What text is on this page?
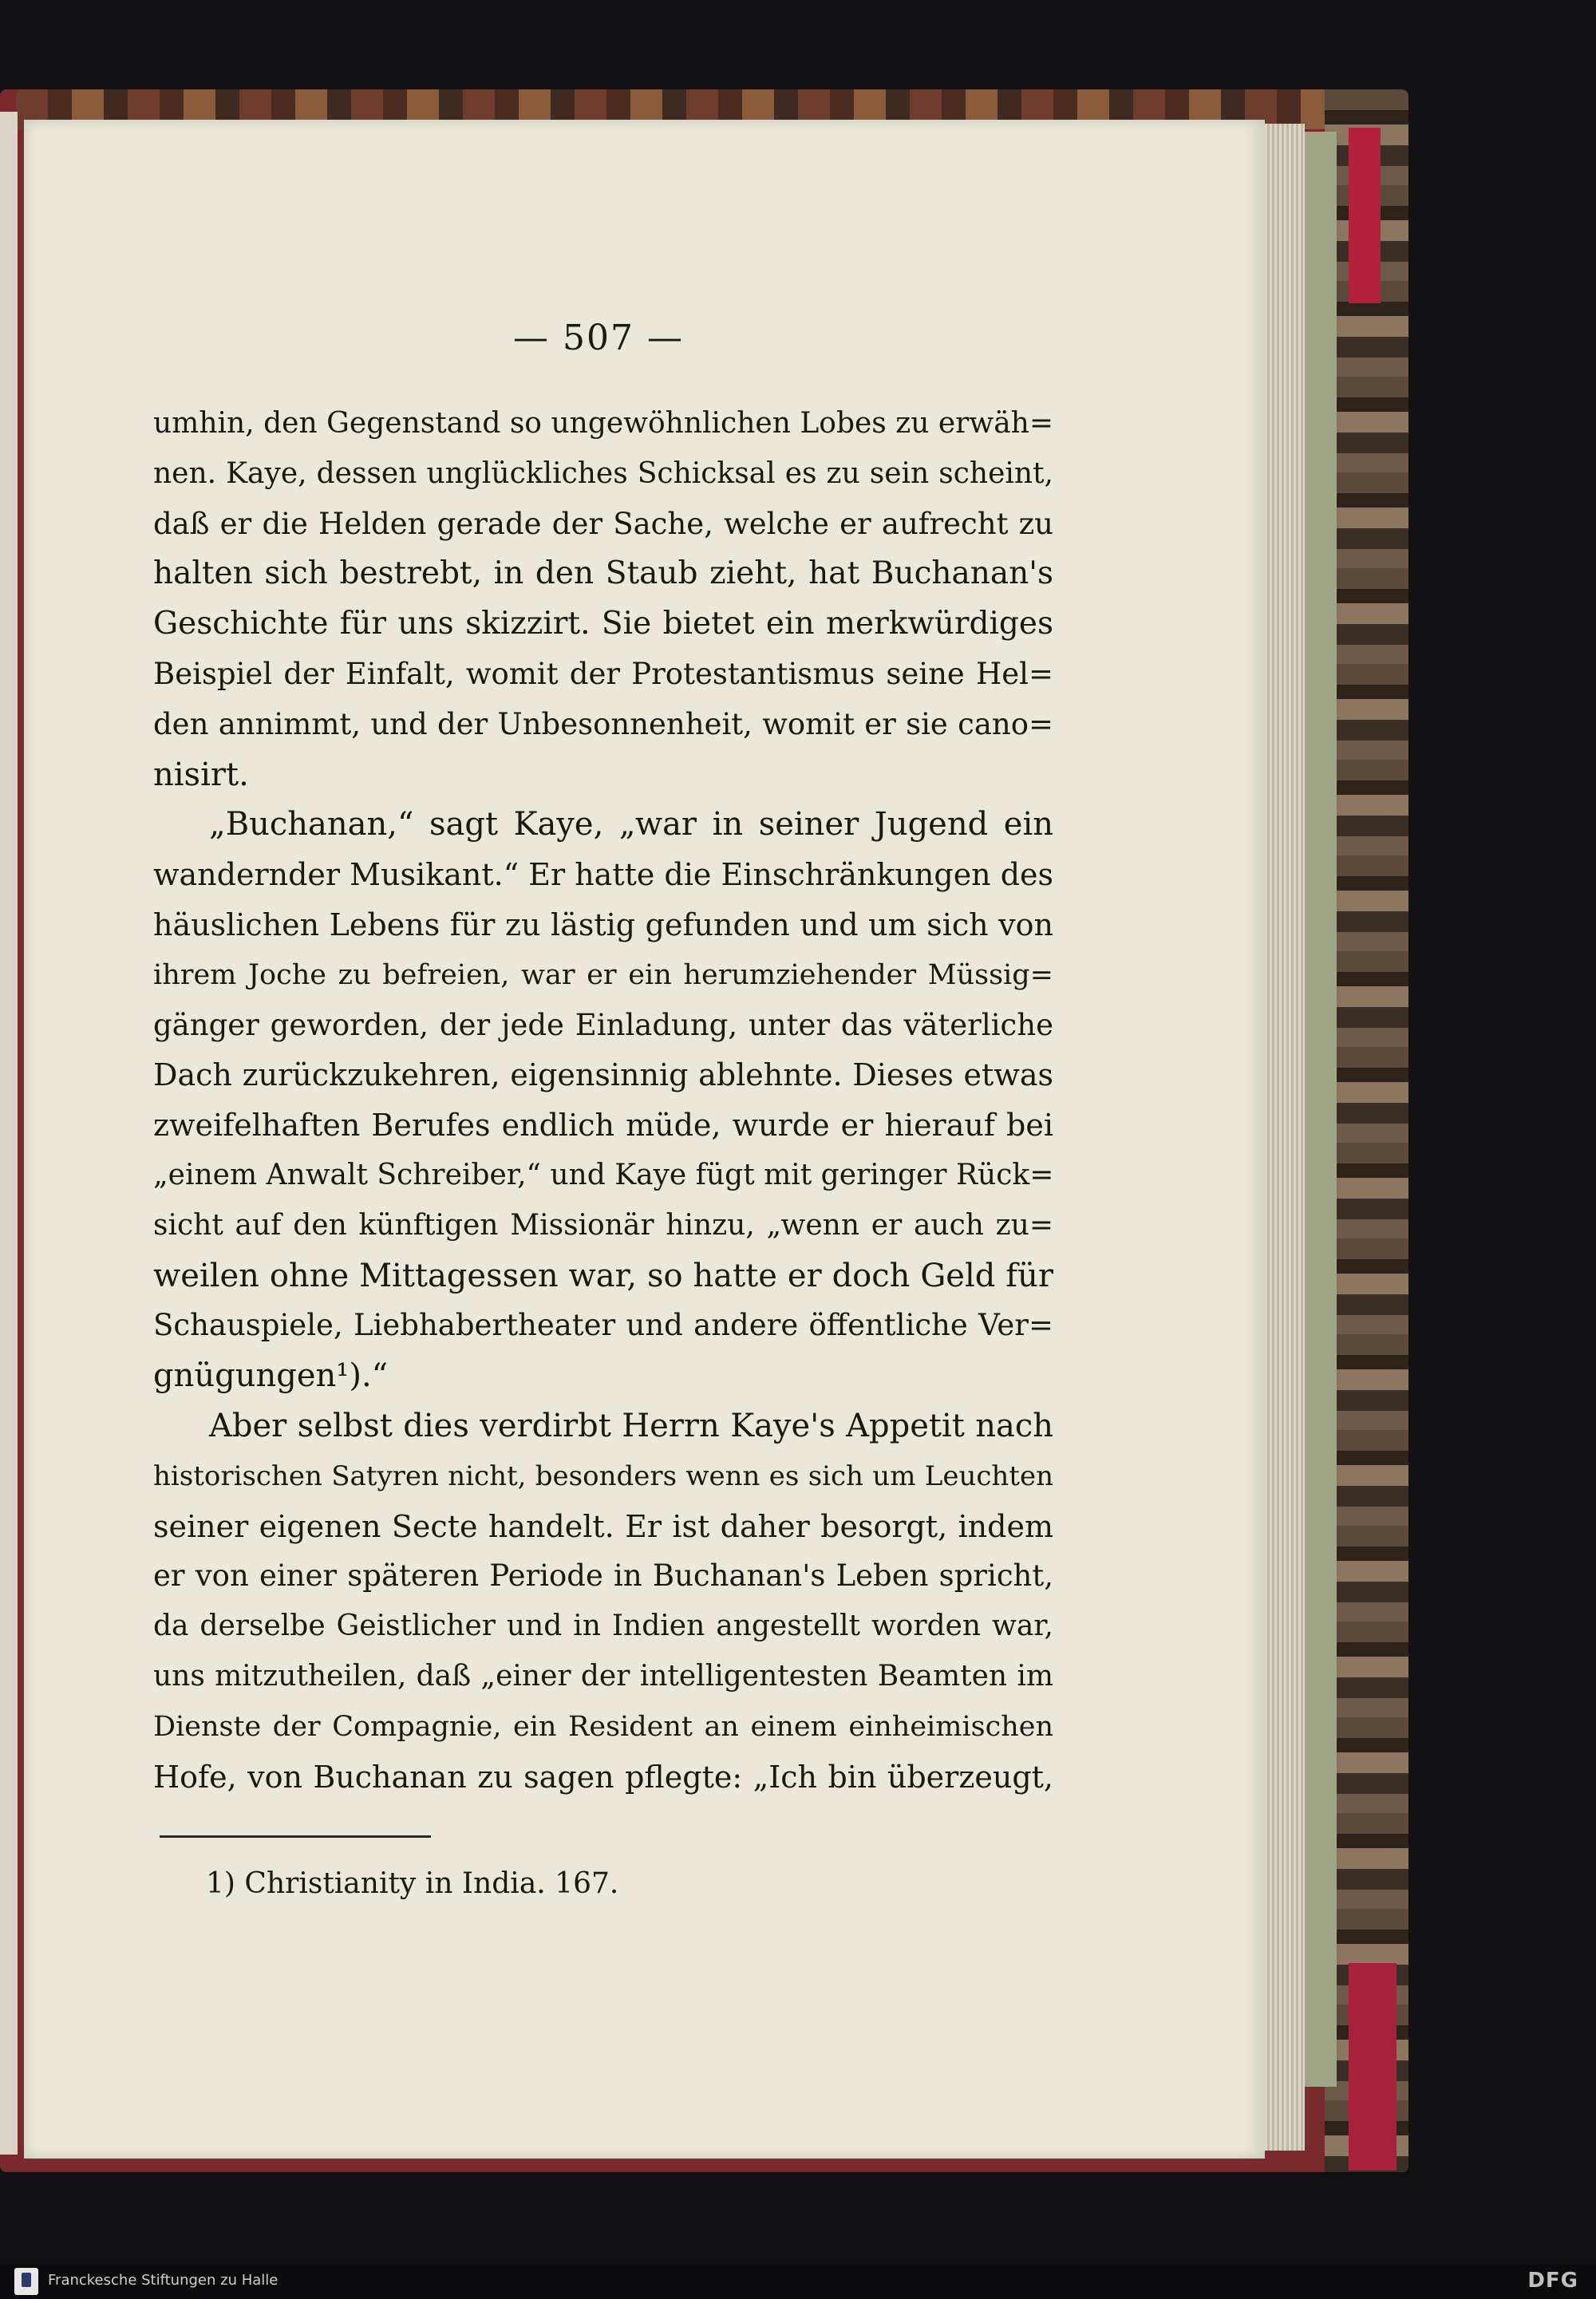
— 507 —
umhin, den Gegenstand so ungewöhnlichen Lobes zu erwäh=
nen. Kaye, dessen unglückliches Schicksal es zu sein scheint,
daß er die Helden gerade der Sache, welche er aufrecht zu
halten sich bestrebt, in den Staub zieht, hat Buchanan's
Geschichte für uns skizzirt. Sie bietet ein merkwürdiges
Beispiel der Einfalt, womit der Protestantismus seine Hel=
den annimmt, und der Unbesonnenheit, womit er sie cano=
nisirt.
„Buchanan,“ sagt Kaye, „war in seiner Jugend ein
wandernder Musikant.“ Er hatte die Einschränkungen des
häuslichen Lebens für zu lästig gefunden und um sich von
ihrem Joche zu befreien, war er ein herumziehender Müssig=
gänger geworden, der jede Einladung, unter das väterliche
Dach zurückzukehren, eigensinnig ablehnte. Dieses etwas
zweifelhaften Berufes endlich müde, wurde er hierauf bei
„einem Anwalt Schreiber,“ und Kaye fügt mit geringer Rück=
sicht auf den künftigen Missionär hinzu, „wenn er auch zu=
weilen ohne Mittagessen war, so hatte er doch Geld für
Schauspiele, Liebhabertheater und andere öffentliche Ver=
gnügungen¹).“
Aber selbst dies verdirbt Herrn Kaye's Appetit nach
historischen Satyren nicht, besonders wenn es sich um Leuchten
seiner eigenen Secte handelt. Er ist daher besorgt, indem
er von einer späteren Periode in Buchanan's Leben spricht,
da derselbe Geistlicher und in Indien angestellt worden war,
uns mitzutheilen, daß „einer der intelligentesten Beamten im
Dienste der Compagnie, ein Resident an einem einheimischen
Hofe, von Buchanan zu sagen pflegte: „Ich bin überzeugt,
1) Christianity in India. 167.
Franckesche Stiftungen zu Halle	DFG
